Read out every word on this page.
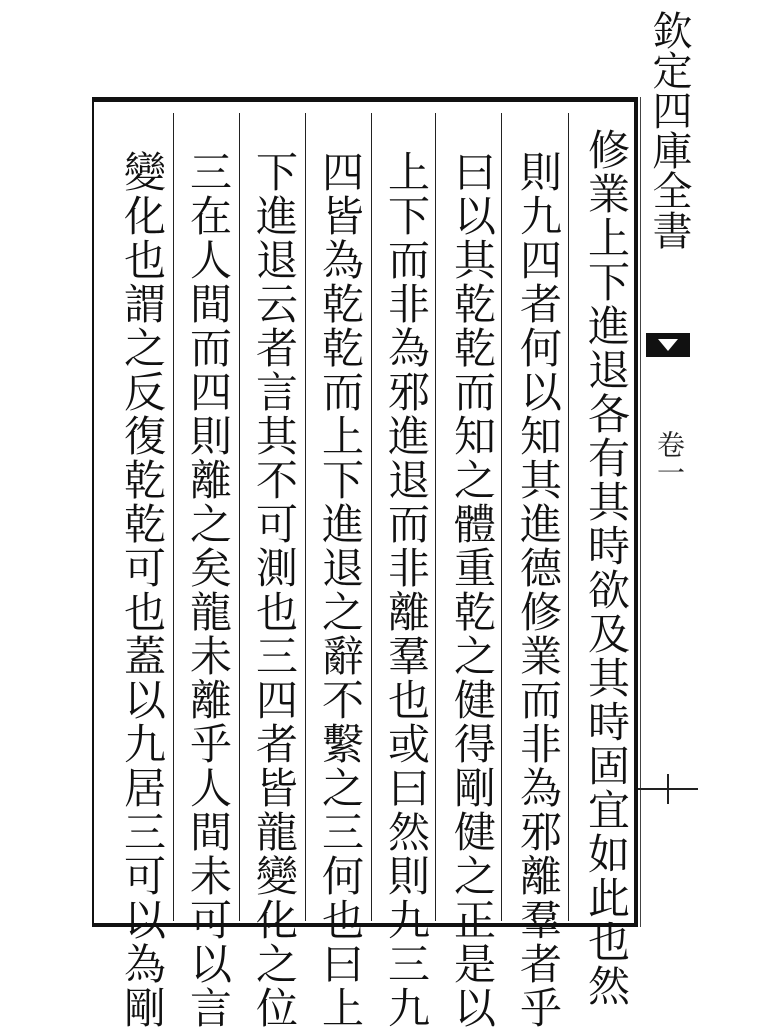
修業上下進退各有其時欲及其時固宜如此也然
則九四者何以知其進德修業而非為邪離羣者乎
曰以其乾乾而知之體重乾之健得剛健之正是以
上下而非為邪進退而非離羣也或曰然則九三九
四皆為乾乾而上下進退之辭不繫之三何也曰上
下進退云者言其不可測也三四者皆龍變化之位
三在人間而四則離之矣龍未離乎人間未可以言
變化也謂之反復乾乾可也蓋以九居三可以為剛
欽定四庫全書
卷一
